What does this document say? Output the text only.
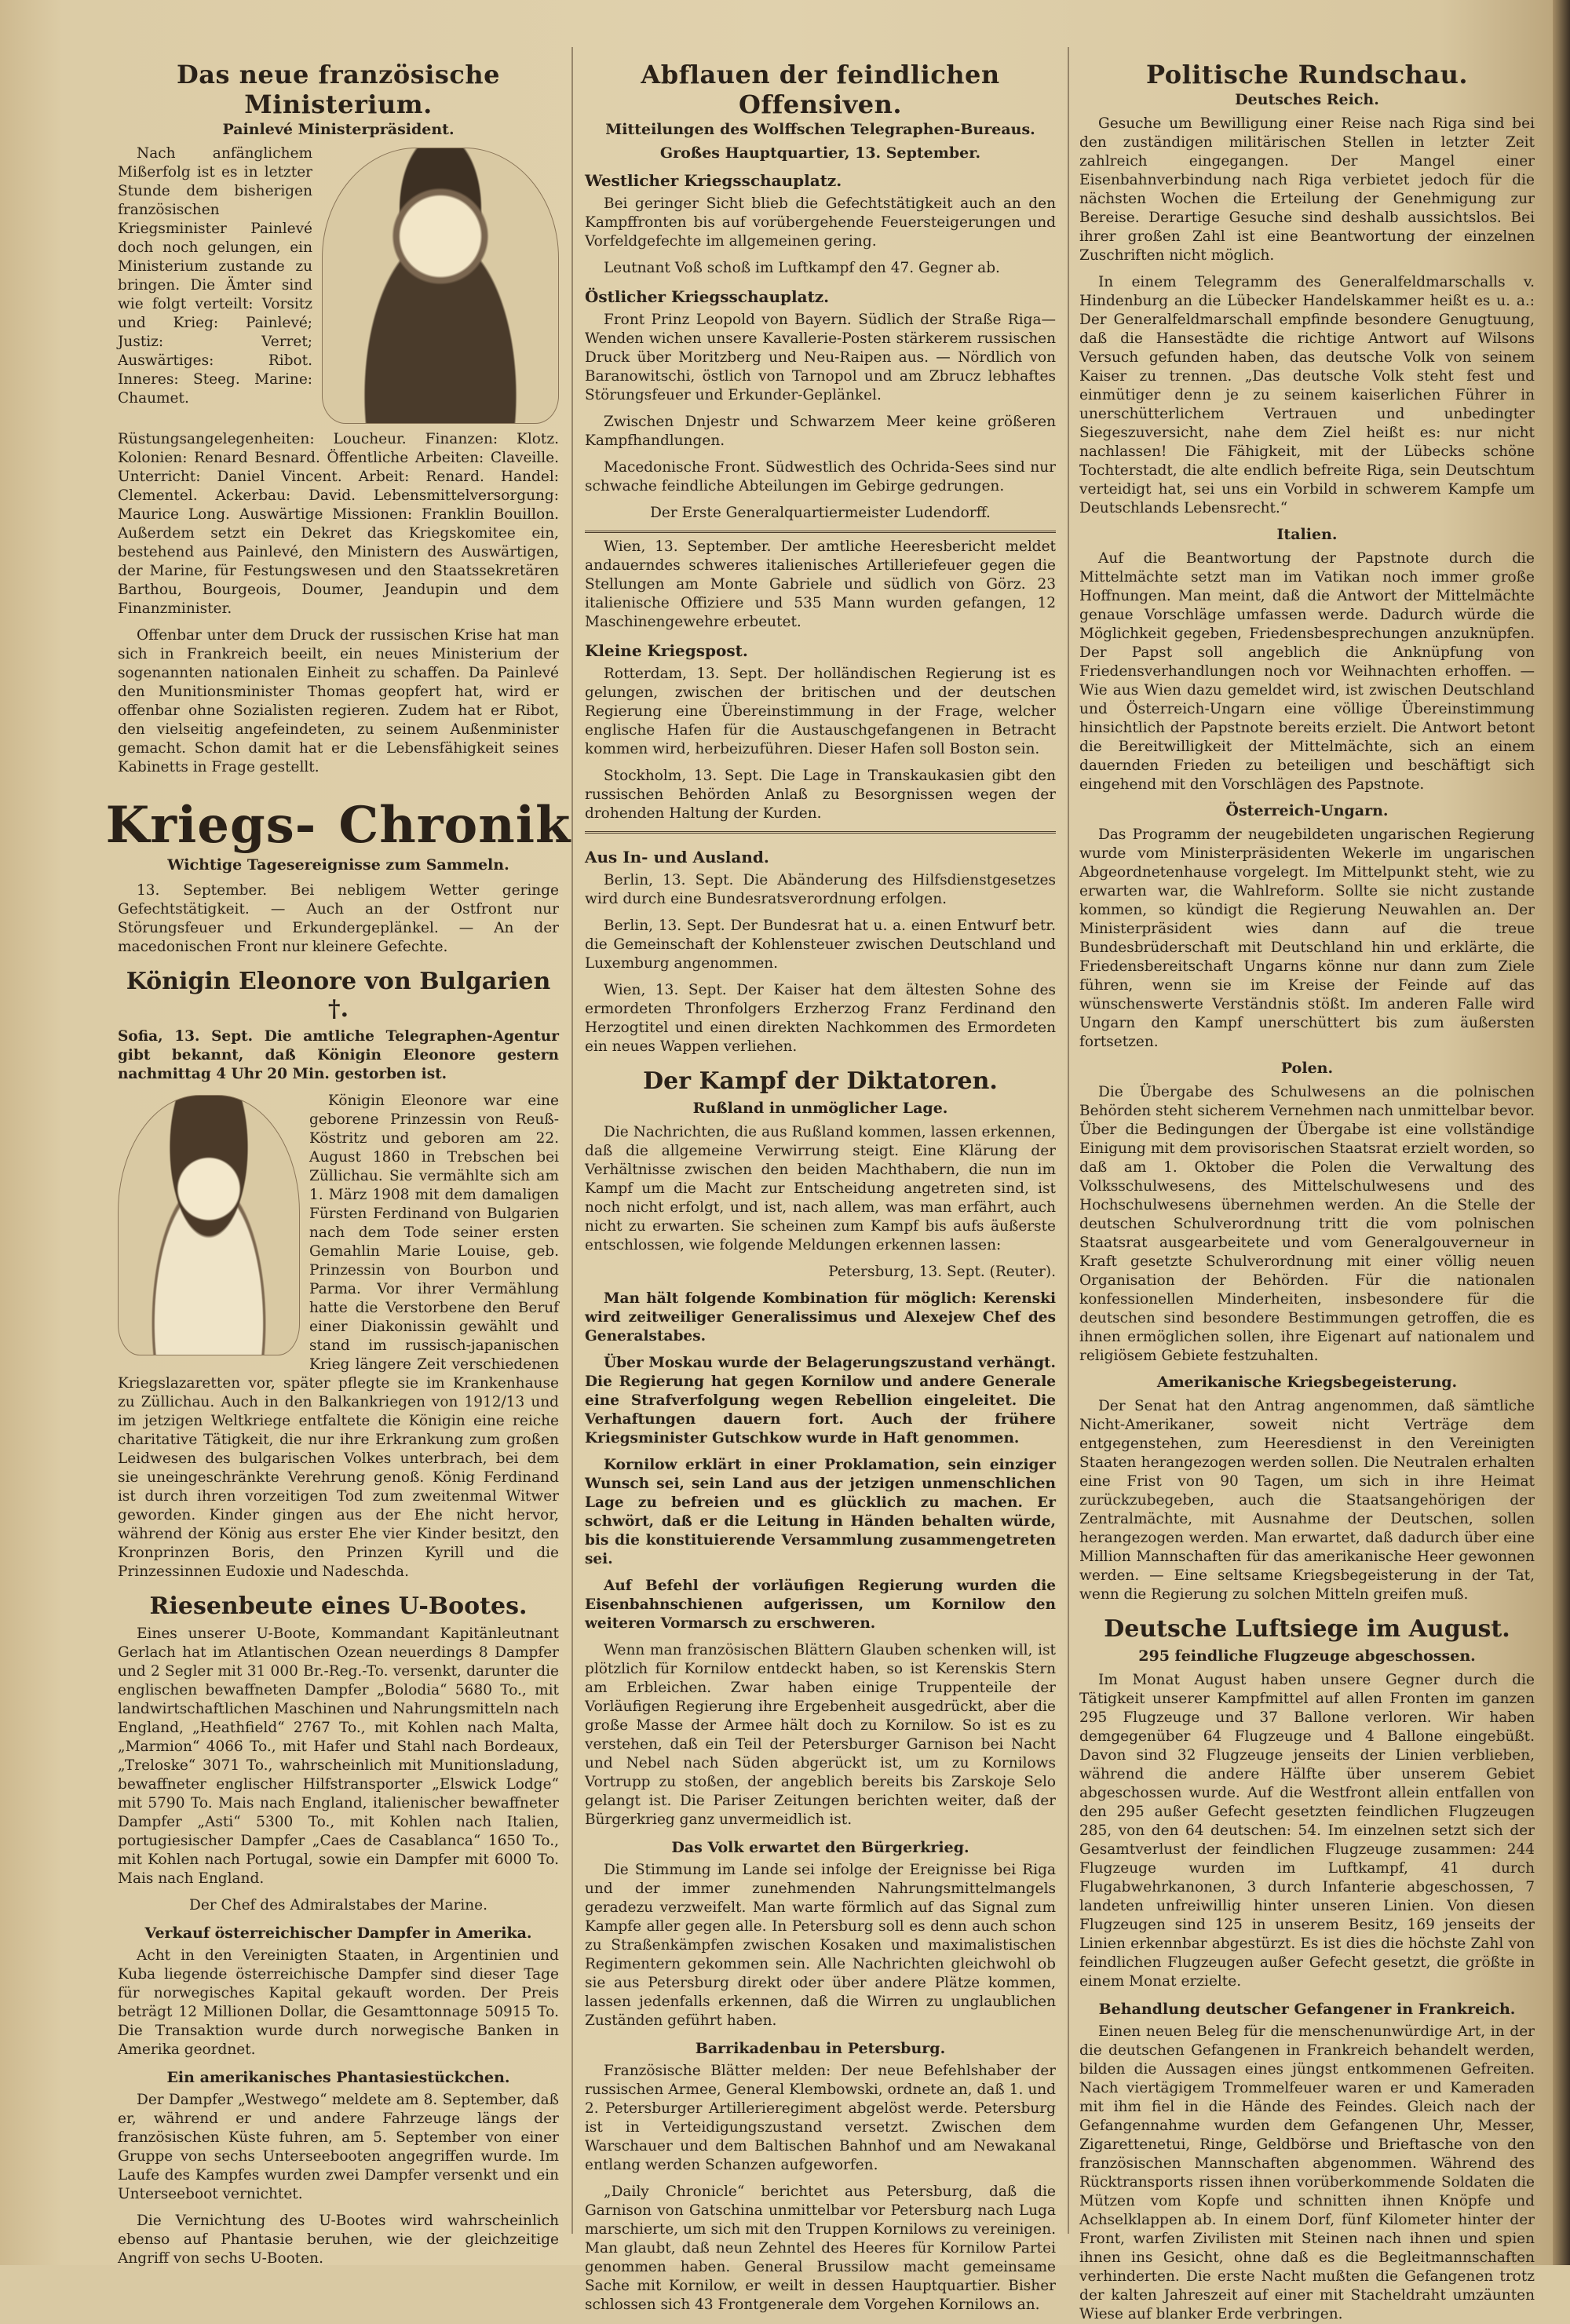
Das neue französische Ministerium.
Painlevé Ministerpräsident.

Nach anfänglichem Mißerfolg ist es in letzter Stunde dem bisherigen französischen Kriegsminister Painlevé doch noch gelungen, ein Ministerium zustande zu bringen. Die Ämter sind wie folgt verteilt: Vorsitz und Krieg: Painlevé; Justiz: Verret; Auswärtiges: Ribot. Inneres: Steeg. Marine: Chaumet. Rüstungsangelegenheiten: Loucheur. Finanzen: Klotz. Kolonien: Renard Besnard. Öffentliche Arbeiten: Claveille. Unterricht: Daniel Vincent. Arbeit: Renard. Handel: Clementel. Ackerbau: David. Lebensmittelversorgung: Maurice Long. Auswärtige Missionen: Franklin Bouillon. Außerdem setzt ein Dekret das Kriegskomitee ein, bestehend aus Painlevé, den Ministern des Auswärtigen, der Marine, für Festungswesen und den Staatssekretären Barthou, Bourgeois, Doumer, Jeandupin und dem Finanzminister.

Offenbar unter dem Druck der russischen Krise hat man sich in Frankreich beeilt, ein neues Ministerium der sogenannten nationalen Einheit zu schaffen. Da Painlevé den Munitionsminister Thomas geopfert hat, wird er offenbar ohne Sozialisten regieren. Zudem hat er Ribot, den vielseitig angefeindeten, zu seinem Außenminister gemacht. Schon damit hat er die Lebensfähigkeit seines Kabinetts in Frage gestellt.

Kriegs- Chronik
Wichtige Tagesereignisse zum Sammeln.

13. September. Bei nebligem Wetter geringe Gefechtstätigkeit. — Auch an der Ostfront nur Störungsfeuer und Erkundergeplänkel. — An der macedonischen Front nur kleinere Gefechte.

Königin Eleonore von Bulgarien †.

Sofia, 13. Sept. Die amtliche Telegraphen-Agentur gibt bekannt, daß Königin Eleonore gestern nachmittag 4 Uhr 20 Min. gestorben ist.

Königin Eleonore war eine geborene Prinzessin von Reuß-Köstritz und geboren am 22. August 1860 in Trebschen bei Züllichau. Sie vermählte sich am 1. März 1908 mit dem damaligen Fürsten Ferdinand von Bulgarien nach dem Tode seiner ersten Gemahlin Marie Louise, geb. Prinzessin von Bourbon und Parma. Vor ihrer Vermählung hatte die Verstorbene den Beruf einer Diakonissin gewählt und stand im russisch-japanischen Krieg längere Zeit verschiedenen Kriegslazaretten vor, später pflegte sie im Krankenhause zu Züllichau. Auch in den Balkankriegen von 1912/13 und im jetzigen Weltkriege entfaltete die Königin eine reiche charitative Tätigkeit, die nur ihre Erkrankung zum großen Leidwesen des bulgarischen Volkes unterbrach, bei dem sie uneingeschränkte Verehrung genoß. König Ferdinand ist durch ihren vorzeitigen Tod zum zweitenmal Witwer geworden. Kinder gingen aus der Ehe nicht hervor, während der König aus erster Ehe vier Kinder besitzt, den Kronprinzen Boris, den Prinzen Kyrill und die Prinzessinnen Eudoxie und Nadeschda.

Riesenbeute eines U-Bootes.

Eines unserer U-Boote, Kommandant Kapitänleutnant Gerlach hat im Atlantischen Ozean neuerdings 8 Dampfer und 2 Segler mit 31 000 Br.-Reg.-To. versenkt, darunter die englischen bewaffneten Dampfer „Bolodia“ 5680 To., mit landwirtschaftlichen Maschinen und Nahrungsmitteln nach England, „Heathfield“ 2767 To., mit Kohlen nach Malta, „Marmion“ 4066 To., mit Hafer und Stahl nach Bordeaux, „Treloske“ 3071 To., wahrscheinlich mit Munitionsladung, bewaffneter englischer Hilfstransporter „Elswick Lodge“ mit 5790 To. Mais nach England, italienischer bewaffneter Dampfer „Asti“ 5300 To., mit Kohlen nach Italien, portugiesischer Dampfer „Caes de Casablanca“ 1650 To., mit Kohlen nach Portugal, sowie ein Dampfer mit 6000 To. Mais nach England.

Der Chef des Admiralstabes der Marine.

Verkauf österreichischer Dampfer in Amerika.

Acht in den Vereinigten Staaten, in Argentinien und Kuba liegende österreichische Dampfer sind dieser Tage für norwegisches Kapital gekauft worden. Der Preis beträgt 12 Millionen Dollar, die Gesamttonnage 50915 To. Die Transaktion wurde durch norwegische Banken in Amerika geordnet.

Ein amerikanisches Phantasiestückchen.

Der Dampfer „Westwego“ meldete am 8. September, daß er, während er und andere Fahrzeuge längs der französischen Küste fuhren, am 5. September von einer Gruppe von sechs Unterseebooten angegriffen wurde. Im Laufe des Kampfes wurden zwei Dampfer versenkt und ein Unterseeboot vernichtet.

Die Vernichtung des U-Bootes wird wahrscheinlich ebenso auf Phantasie beruhen, wie der gleichzeitige Angriff von sechs U-Booten.

Abflauen der feindlichen Offensiven.
Mitteilungen des Wolffschen Telegraphen-Bureaus.
Großes Hauptquartier, 13. September.
Westlicher Kriegsschauplatz.

Bei geringer Sicht blieb die Gefechtstätigkeit auch an den Kampffronten bis auf vorübergehende Feuersteigerungen und Vorfeldgefechte im allgemeinen gering.

Leutnant Voß schoß im Luftkampf den 47. Gegner ab.

Östlicher Kriegsschauplatz.

Front Prinz Leopold von Bayern. Südlich der Straße Riga—Wenden wichen unsere Kavallerie-Posten stärkerem russischen Druck über Moritzberg und Neu-Raipen aus. — Nördlich von Baranowitschi, östlich von Tarnopol und am Zbrucz lebhaftes Störungsfeuer und Erkunder-Geplänkel.

Zwischen Dnjestr und Schwarzem Meer keine größeren Kampfhandlungen.

Macedonische Front. Südwestlich des Ochrida-Sees sind nur schwache feindliche Abteilungen im Gebirge gedrungen.

Der Erste Generalquartiermeister Ludendorff.

Wien, 13. September. Der amtliche Heeresbericht meldet andauerndes schweres italienisches Artilleriefeuer gegen die Stellungen am Monte Gabriele und südlich von Görz. 23 italienische Offiziere und 535 Mann wurden gefangen, 12 Maschinengewehre erbeutet.

Kleine Kriegspost.

Rotterdam, 13. Sept. Der holländischen Regierung ist es gelungen, zwischen der britischen und der deutschen Regierung eine Übereinstimmung in der Frage, welcher englische Hafen für die Austauschgefangenen in Betracht kommen wird, herbeizuführen. Dieser Hafen soll Boston sein.

Stockholm, 13. Sept. Die Lage in Transkaukasien gibt den russischen Behörden Anlaß zu Besorgnissen wegen der drohenden Haltung der Kurden.

Aus In- und Ausland.

Berlin, 13. Sept. Die Abänderung des Hilfsdienstgesetzes wird durch eine Bundesratsverordnung erfolgen.

Berlin, 13. Sept. Der Bundesrat hat u. a. einen Entwurf betr. die Gemeinschaft der Kohlensteuer zwischen Deutschland und Luxemburg angenommen.

Wien, 13. Sept. Der Kaiser hat dem ältesten Sohne des ermordeten Thronfolgers Erzherzog Franz Ferdinand den Herzogtitel und einen direkten Nachkommen des Ermordeten ein neues Wappen verliehen.

Der Kampf der Diktatoren.
Rußland in unmöglicher Lage.

Die Nachrichten, die aus Rußland kommen, lassen erkennen, daß die allgemeine Verwirrung steigt. Eine Klärung der Verhältnisse zwischen den beiden Machthabern, die nun im Kampf um die Macht zur Entscheidung angetreten sind, ist noch nicht erfolgt, und ist, nach allem, was man erfährt, auch nicht zu erwarten. Sie scheinen zum Kampf bis aufs äußerste entschlossen, wie folgende Meldungen erkennen lassen:

Petersburg, 13. Sept. (Reuter).

Man hält folgende Kombination für möglich: Kerenski wird zeitweiliger Generalissimus und Alexejew Chef des Generalstabes.

Über Moskau wurde der Belagerungszustand verhängt. Die Regierung hat gegen Kornilow und andere Generale eine Strafverfolgung wegen Rebellion eingeleitet. Die Verhaftungen dauern fort. Auch der frühere Kriegsminister Gutschkow wurde in Haft genommen.

Kornilow erklärt in einer Proklamation, sein einziger Wunsch sei, sein Land aus der jetzigen unmenschlichen Lage zu befreien und es glücklich zu machen. Er schwört, daß er die Leitung in Händen behalten würde, bis die konstituierende Versammlung zusammengetreten sei.

Auf Befehl der vorläufigen Regierung wurden die Eisenbahnschienen aufgerissen, um Kornilow den weiteren Vormarsch zu erschweren.

Wenn man französischen Blättern Glauben schenken will, ist plötzlich für Kornilow entdeckt haben, so ist Kerenskis Stern am Erbleichen. Zwar haben einige Truppenteile der Vorläufigen Regierung ihre Ergebenheit ausgedrückt, aber die große Masse der Armee hält doch zu Kornilow. So ist es zu verstehen, daß ein Teil der Petersburger Garnison bei Nacht und Nebel nach Süden abgerückt ist, um zu Kornilows Vortrupp zu stoßen, der angeblich bereits bis Zarskoje Selo gelangt ist. Die Pariser Zeitungen berichten weiter, daß der Bürgerkrieg ganz unvermeidlich ist.

Das Volk erwartet den Bürgerkrieg.

Die Stimmung im Lande sei infolge der Ereignisse bei Riga und der immer zunehmenden Nahrungsmittelmangels geradezu verzweifelt. Man warte förmlich auf das Signal zum Kampfe aller gegen alle. In Petersburg soll es denn auch schon zu Straßenkämpfen zwischen Kosaken und maximalistischen Regimentern gekommen sein. Alle Nachrichten gleichwohl ob sie aus Petersburg direkt oder über andere Plätze kommen, lassen jedenfalls erkennen, daß die Wirren zu unglaublichen Zuständen geführt haben.

Barrikadenbau in Petersburg.

Französische Blätter melden: Der neue Befehlshaber der russischen Armee, General Klembowski, ordnete an, daß 1. und 2. Petersburger Artillerieregiment abgelöst werde. Petersburg ist in Verteidigungszustand versetzt. Zwischen dem Warschauer und dem Baltischen Bahnhof und am Newakanal entlang werden Schanzen aufgeworfen.

„Daily Chronicle“ berichtet aus Petersburg, daß die Garnison von Gatschina unmittelbar vor Petersburg nach Luga marschierte, um sich mit den Truppen Kornilows zu vereinigen. Man glaubt, daß neun Zehntel des Heeres für Kornilow Partei genommen haben. General Brussilow macht gemeinsame Sache mit Kornilow, er weilt in dessen Hauptquartier. Bisher schlossen sich 43 Frontgenerale dem Vorgehen Kornilows an.

Politische Rundschau.
Deutsches Reich.

Gesuche um Bewilligung einer Reise nach Riga sind bei den zuständigen militärischen Stellen in letzter Zeit zahlreich eingegangen. Der Mangel einer Eisenbahnverbindung nach Riga verbietet jedoch für die nächsten Wochen die Erteilung der Genehmigung zur Bereise. Derartige Gesuche sind deshalb aussichtslos. Bei ihrer großen Zahl ist eine Beantwortung der einzelnen Zuschriften nicht möglich.

In einem Telegramm des Generalfeldmarschalls v. Hindenburg an die Lübecker Handelskammer heißt es u. a.: Der Generalfeldmarschall empfinde besondere Genugtuung, daß die Hansestädte die richtige Antwort auf Wilsons Versuch gefunden haben, das deutsche Volk von seinem Kaiser zu trennen. „Das deutsche Volk steht fest und einmütiger denn je zu seinem kaiserlichen Führer in unerschütterlichem Vertrauen und unbedingter Siegeszuversicht, nahe dem Ziel heißt es: nur nicht nachlassen! Die Fähigkeit, mit der Lübecks schöne Tochterstadt, die alte endlich befreite Riga, sein Deutschtum verteidigt hat, sei uns ein Vorbild in schwerem Kampfe um Deutschlands Lebensrecht.“

Italien.

Auf die Beantwortung der Papstnote durch die Mittelmächte setzt man im Vatikan noch immer große Hoffnungen. Man meint, daß die Antwort der Mittelmächte genaue Vorschläge umfassen werde. Dadurch würde die Möglichkeit gegeben, Friedensbesprechungen anzuknüpfen. Der Papst soll angeblich die Anknüpfung von Friedensverhandlungen noch vor Weihnachten erhoffen. — Wie aus Wien dazu gemeldet wird, ist zwischen Deutschland und Österreich-Ungarn eine völlige Übereinstimmung hinsichtlich der Papstnote bereits erzielt. Die Antwort betont die Bereitwilligkeit der Mittelmächte, sich an einem dauernden Frieden zu beteiligen und beschäftigt sich eingehend mit den Vorschlägen des Papstnote.

Österreich-Ungarn.

Das Programm der neugebildeten ungarischen Regierung wurde vom Ministerpräsidenten Wekerle im ungarischen Abgeordnetenhause vorgelegt. Im Mittelpunkt steht, wie zu erwarten war, die Wahlreform. Sollte sie nicht zustande kommen, so kündigt die Regierung Neuwahlen an. Der Ministerpräsident wies dann auf die treue Bundesbrüderschaft mit Deutschland hin und erklärte, die Friedensbereitschaft Ungarns könne nur dann zum Ziele führen, wenn sie im Kreise der Feinde auf das wünschenswerte Verständnis stößt. Im anderen Falle wird Ungarn den Kampf unerschüttert bis zum äußersten fortsetzen.

Polen.

Die Übergabe des Schulwesens an die polnischen Behörden steht sicherem Vernehmen nach unmittelbar bevor. Über die Bedingungen der Übergabe ist eine vollständige Einigung mit dem provisorischen Staatsrat erzielt worden, so daß am 1. Oktober die Polen die Verwaltung des Volksschulwesens, des Mittelschulwesens und des Hochschulwesens übernehmen werden. An die Stelle der deutschen Schulverordnung tritt die vom polnischen Staatsrat ausgearbeitete und vom Generalgouverneur in Kraft gesetzte Schulverordnung mit einer völlig neuen Organisation der Behörden. Für die nationalen konfessionellen Minderheiten, insbesondere für die deutschen sind besondere Bestimmungen getroffen, die es ihnen ermöglichen sollen, ihre Eigenart auf nationalem und religiösem Gebiete festzuhalten.

Amerikanische Kriegsbegeisterung.

Der Senat hat den Antrag angenommen, daß sämtliche Nicht-Amerikaner, soweit nicht Verträge dem entgegenstehen, zum Heeresdienst in den Vereinigten Staaten herangezogen werden sollen. Die Neutralen erhalten eine Frist von 90 Tagen, um sich in ihre Heimat zurückzubegeben, auch die Staatsangehörigen der Zentralmächte, mit Ausnahme der Deutschen, sollen herangezogen werden. Man erwartet, daß dadurch über eine Million Mannschaften für das amerikanische Heer gewonnen werden. — Eine seltsame Kriegsbegeisterung in der Tat, wenn die Regierung zu solchen Mitteln greifen muß.

Deutsche Luftsiege im August.
295 feindliche Flugzeuge abgeschossen.

Im Monat August haben unsere Gegner durch die Tätigkeit unserer Kampfmittel auf allen Fronten im ganzen 295 Flugzeuge und 37 Ballone verloren. Wir haben demgegenüber 64 Flugzeuge und 4 Ballone eingebüßt. Davon sind 32 Flugzeuge jenseits der Linien verblieben, während die andere Hälfte über unserem Gebiet abgeschossen wurde. Auf die Westfront allein entfallen von den 295 außer Gefecht gesetzten feindlichen Flugzeugen 285, von den 64 deutschen: 54. Im einzelnen setzt sich der Gesamtverlust der feindlichen Flugzeuge zusammen: 244 Flugzeuge wurden im Luftkampf, 41 durch Flugabwehrkanonen, 3 durch Infanterie abgeschossen, 7 landeten unfreiwillig hinter unseren Linien. Von diesen Flugzeugen sind 125 in unserem Besitz, 169 jenseits der Linien erkennbar abgestürzt. Es ist dies die höchste Zahl von feindlichen Flugzeugen außer Gefecht gesetzt, die größte in einem Monat erzielte.

Behandlung deutscher Gefangener in Frankreich.

Einen neuen Beleg für die menschenunwürdige Art, in der die deutschen Gefangenen in Frankreich behandelt werden, bilden die Aussagen eines jüngst entkommenen Gefreiten. Nach viertägigem Trommelfeuer waren er und Kameraden mit ihm fiel in die Hände des Feindes. Gleich nach der Gefangennahme wurden dem Gefangenen Uhr, Messer, Zigarettenetui, Ringe, Geldbörse und Brieftasche von den französischen Mannschaften abgenommen. Während des Rücktransports rissen ihnen vorüberkommende Soldaten die Mützen vom Kopfe und schnitten ihnen Knöpfe und Achselklappen ab. In einem Dorf, fünf Kilometer hinter der Front, warfen Zivilisten mit Steinen nach ihnen und spien ihnen ins Gesicht, ohne daß es die Begleitmannschaften verhinderten. Die erste Nacht mußten die Gefangenen trotz der kalten Jahreszeit auf einer mit Stacheldraht umzäunten Wiese auf blanker Erde verbringen.
